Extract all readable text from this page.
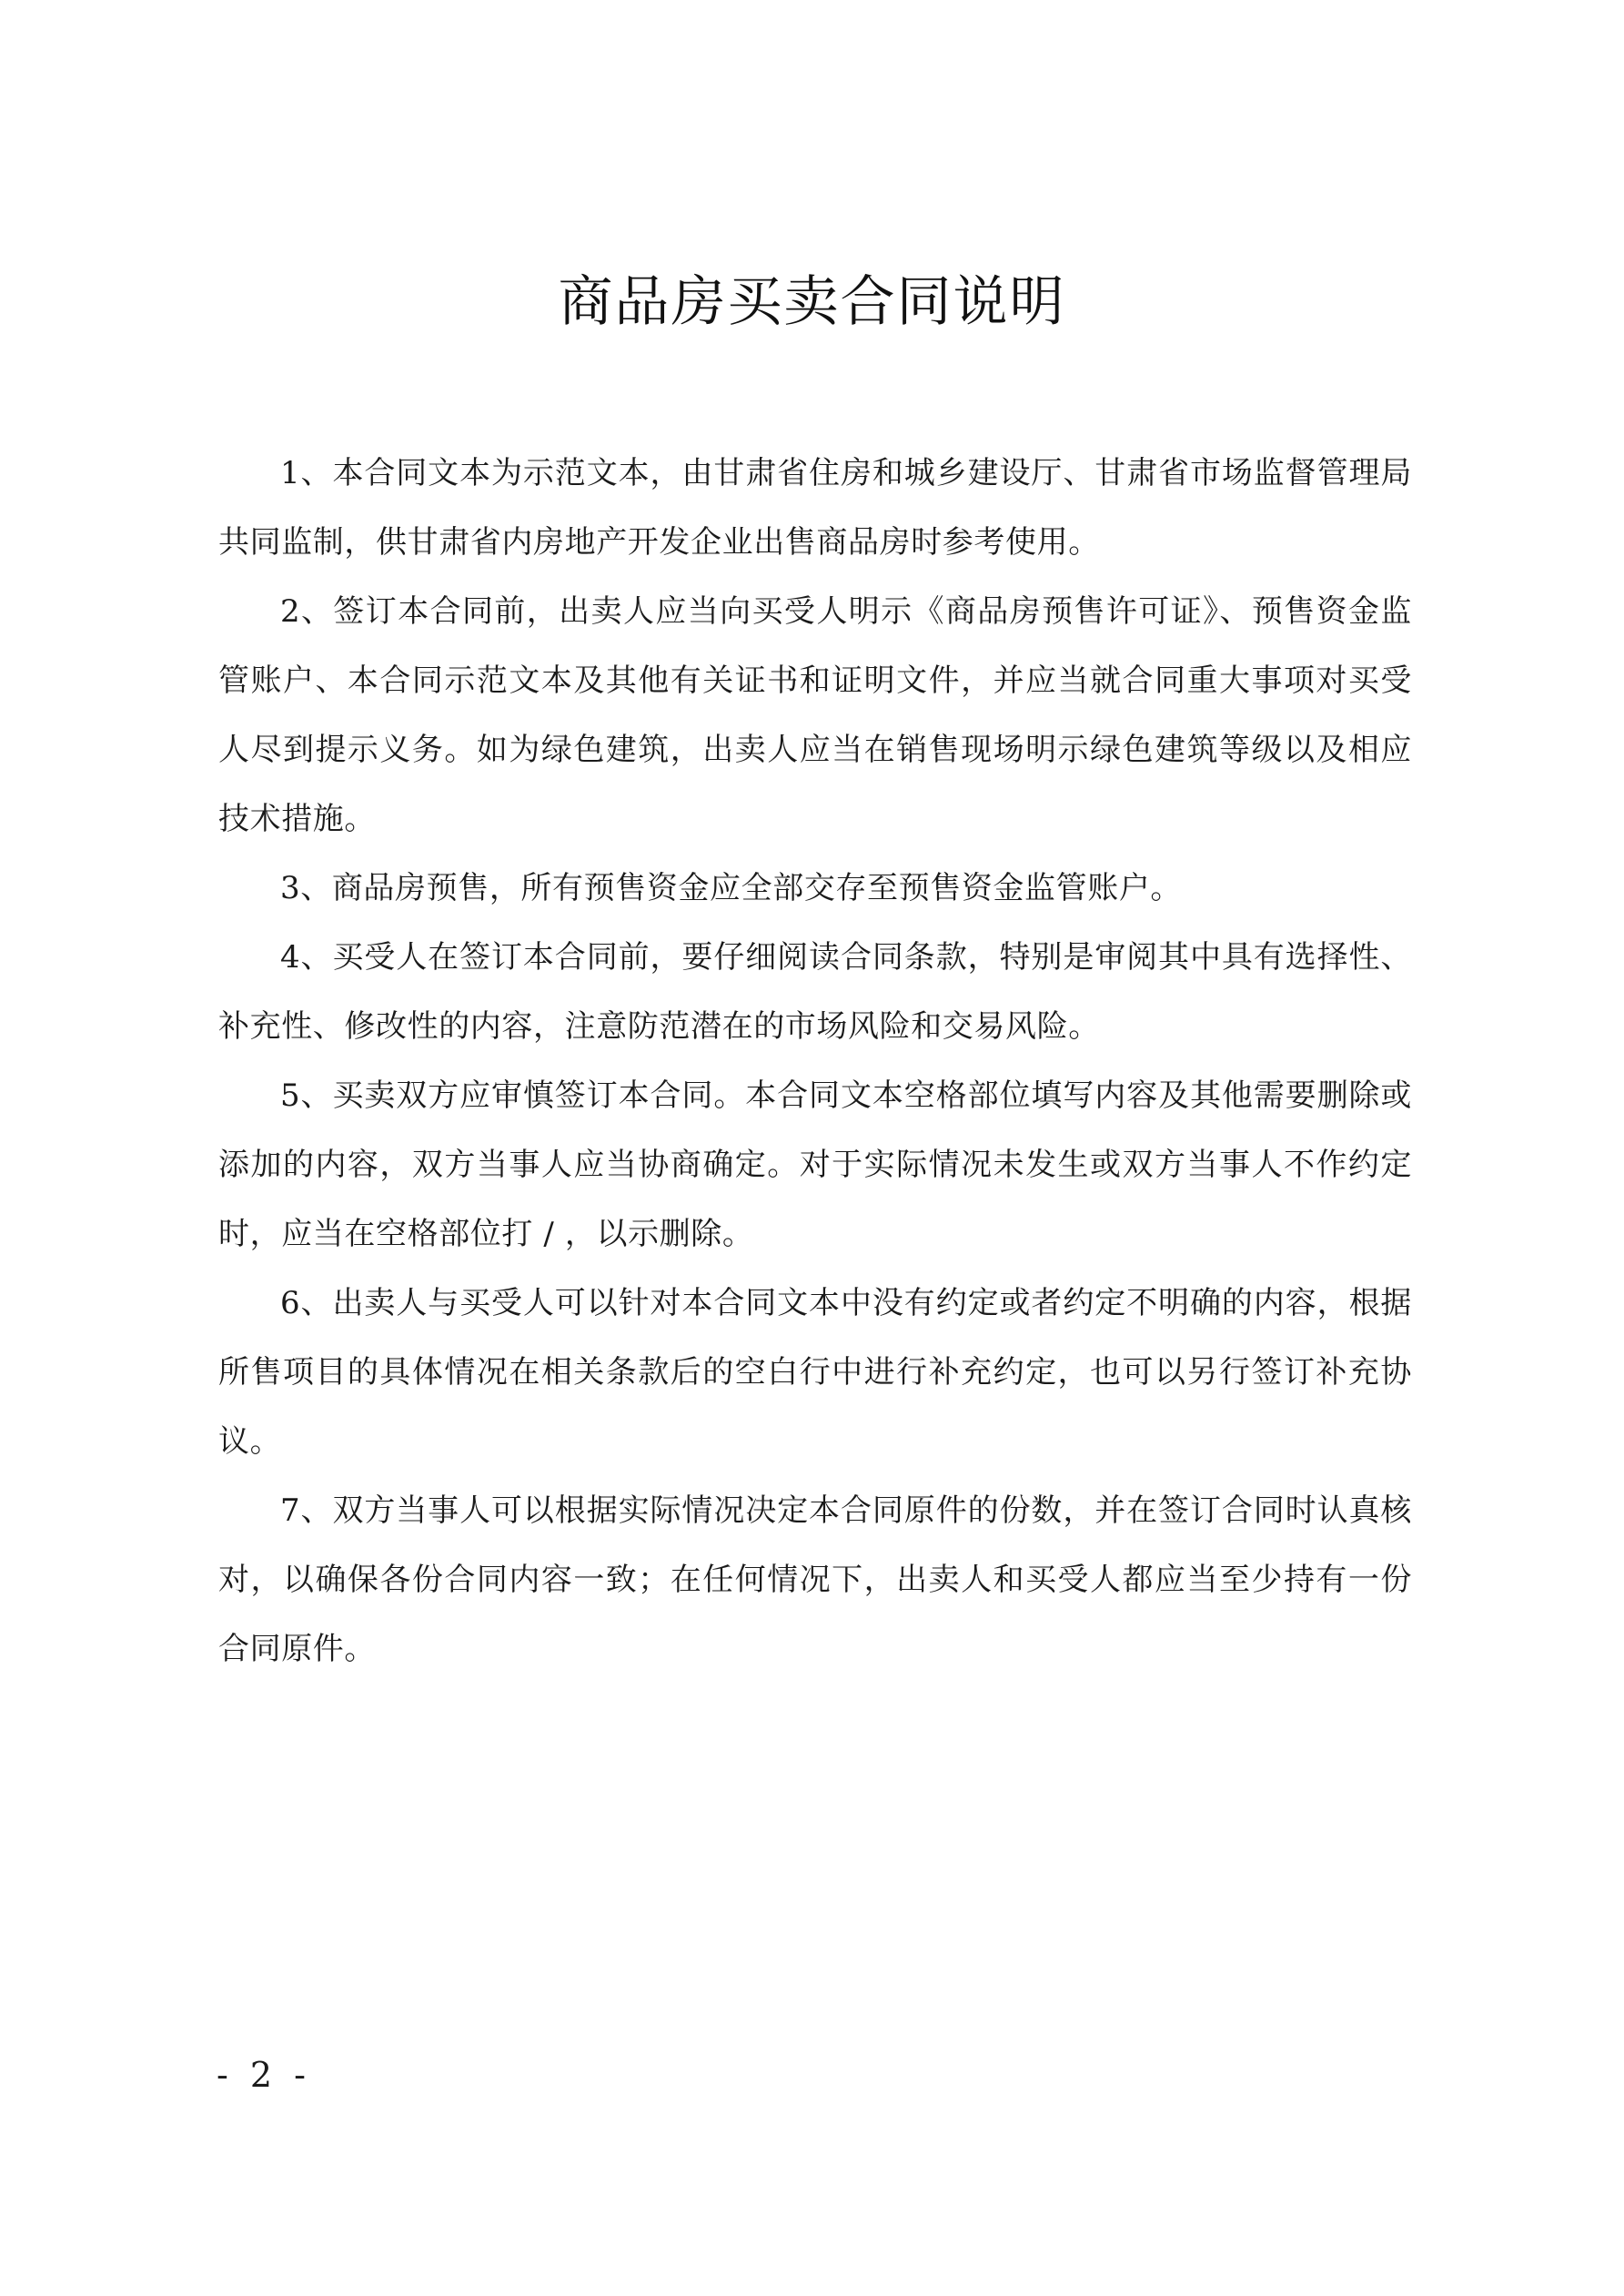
商品房买卖合同说明

1、本合同文本为示范文本，由甘肃省住房和城乡建设厅、甘肃省市场监督管理局共同监制，供甘肃省内房地产开发企业出售商品房时参考使用。

2、签订本合同前，出卖人应当向买受人明示《商品房预售许可证》、预售资金监管账户、本合同示范文本及其他有关证书和证明文件，并应当就合同重大事项对买受人尽到提示义务。如为绿色建筑，出卖人应当在销售现场明示绿色建筑等级以及相应技术措施。

3、商品房预售，所有预售资金应全部交存至预售资金监管账户。

4、买受人在签订本合同前，要仔细阅读合同条款，特别是审阅其中具有选择性、补充性、修改性的内容，注意防范潜在的市场风险和交易风险。

5、买卖双方应审慎签订本合同。本合同文本空格部位填写内容及其他需要删除或添加的内容，双方当事人应当协商确定。对于实际情况未发生或双方当事人不作约定时，应当在空格部位打 / ，以示删除。

6、出卖人与买受人可以针对本合同文本中没有约定或者约定不明确的内容，根据所售项目的具体情况在相关条款后的空白行中进行补充约定，也可以另行签订补充协议。

7、双方当事人可以根据实际情况决定本合同原件的份数，并在签订合同时认真核对，以确保各份合同内容一致；在任何情况下，出卖人和买受人都应当至少持有一份合同原件。

- 2 -
